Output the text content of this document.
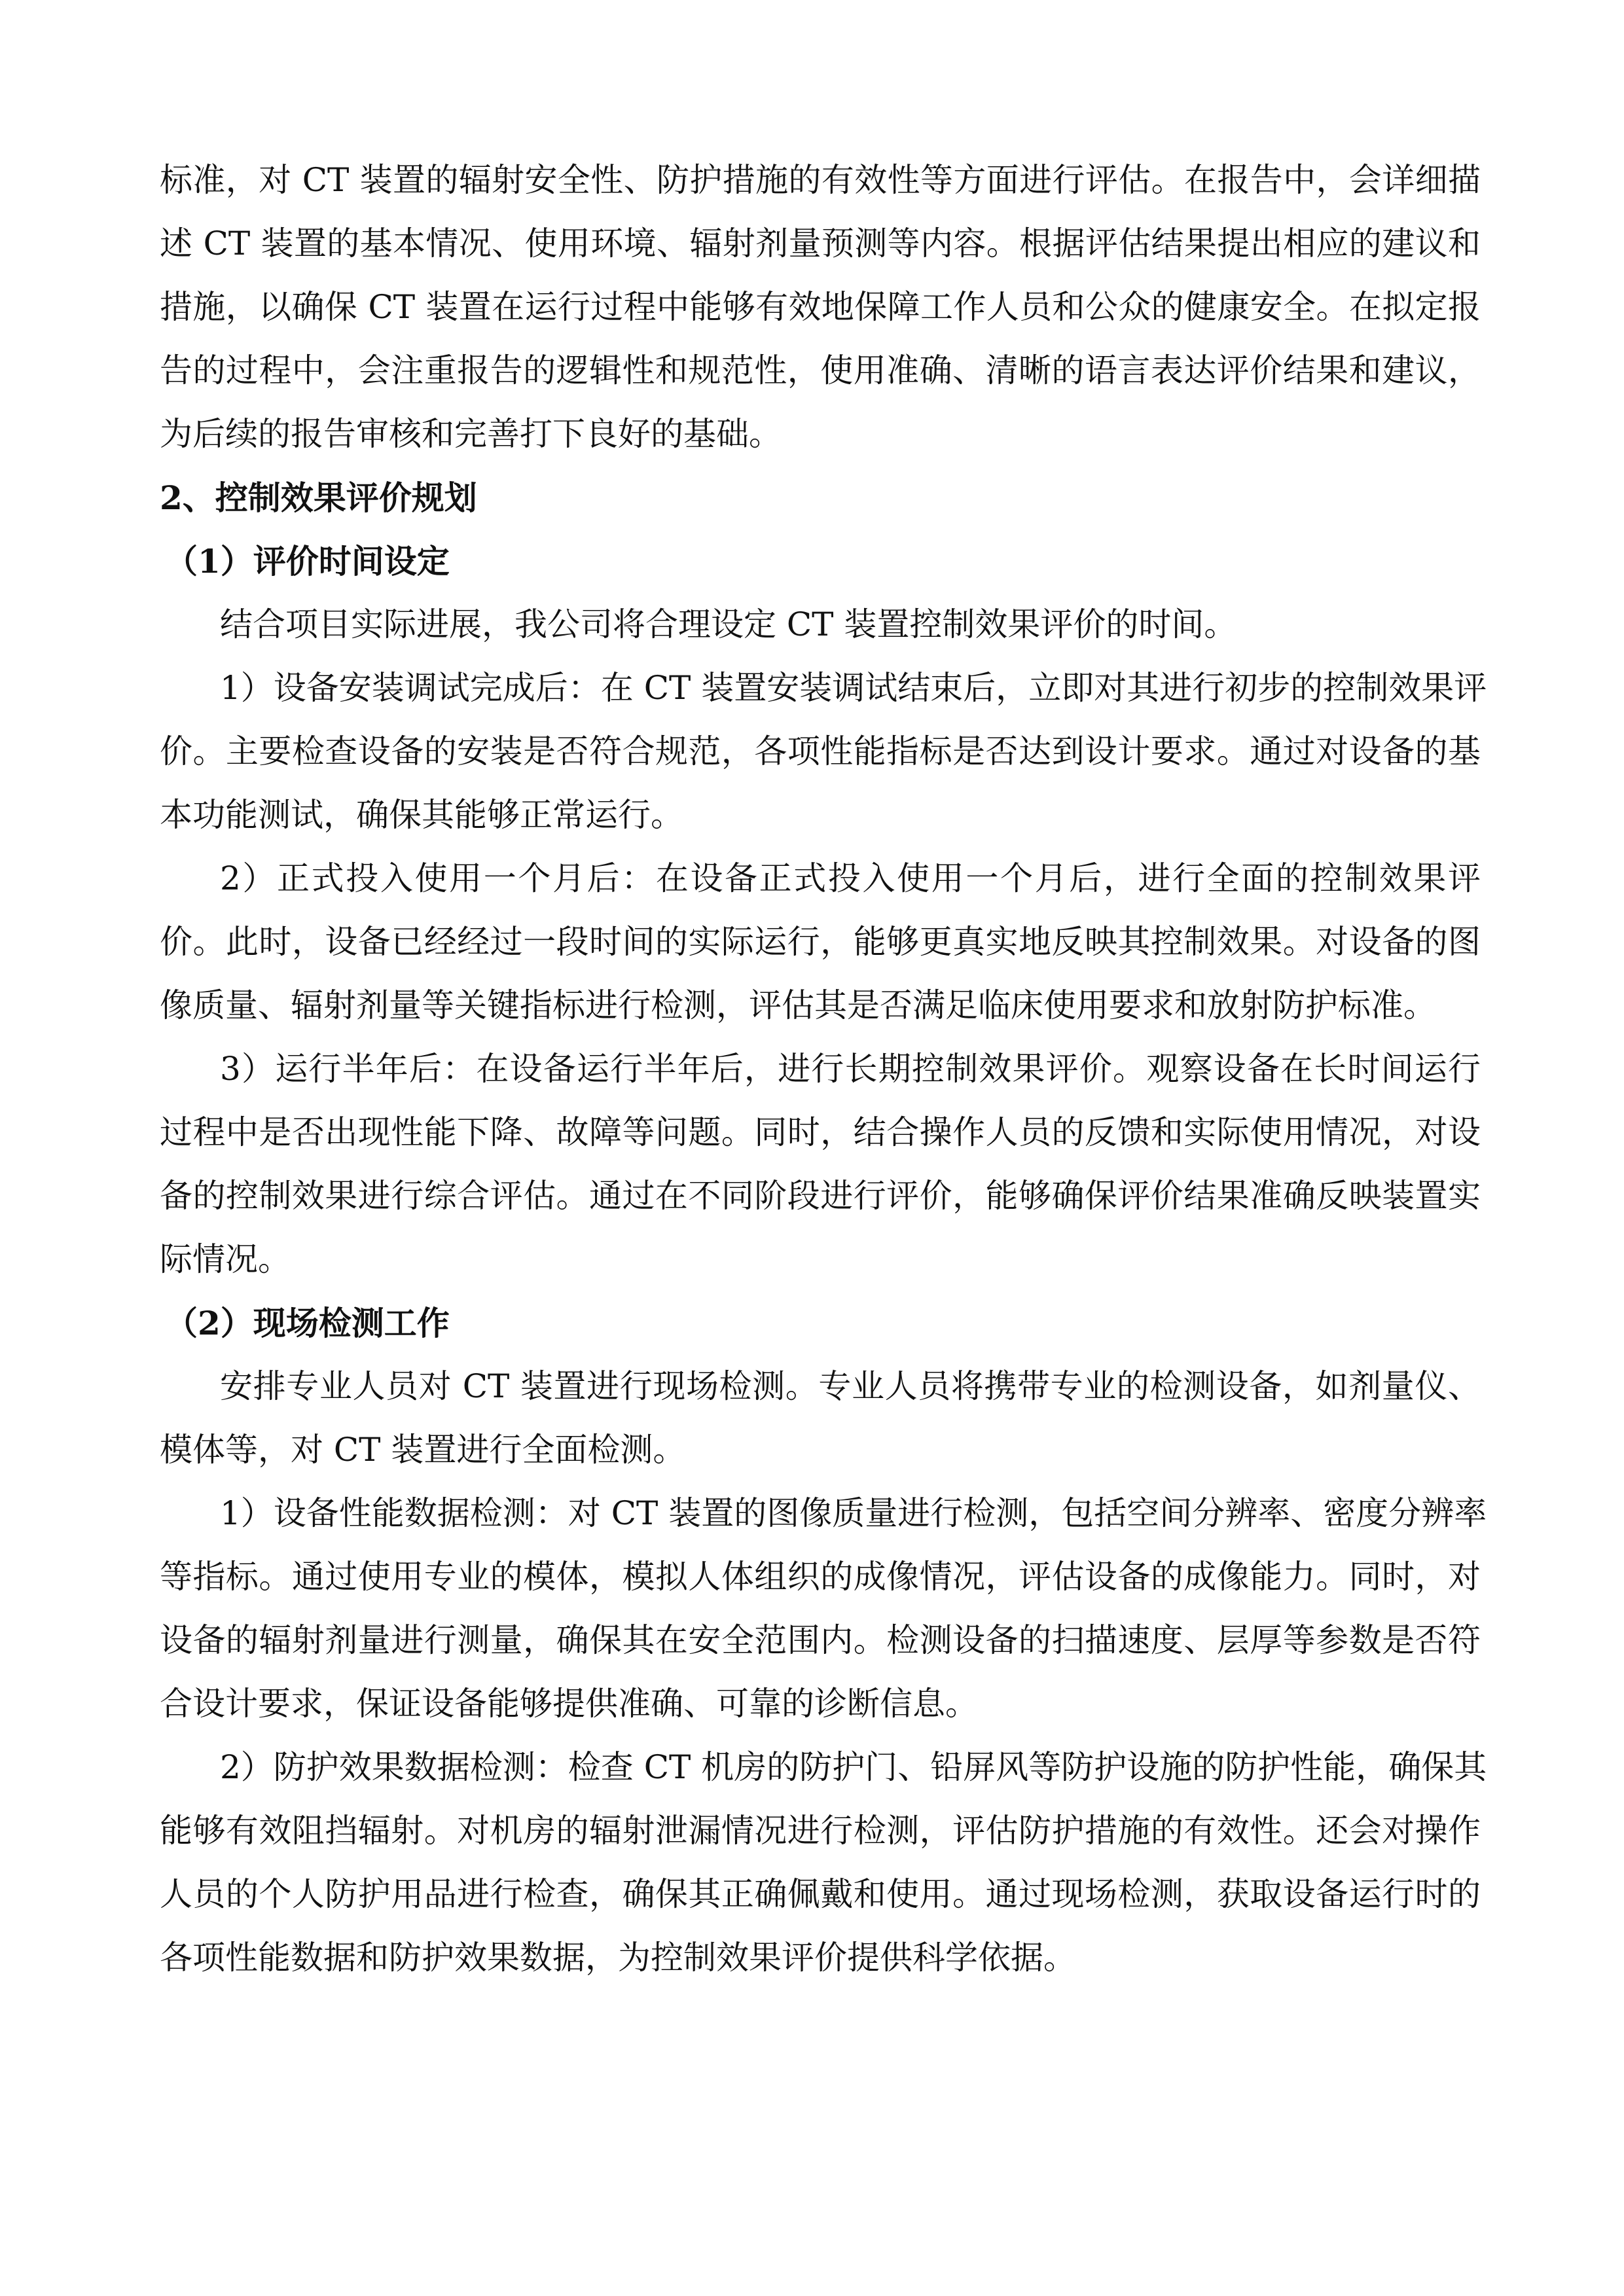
标准，对 CT 装置的辐射安全性、防护措施的有效性等方面进行评估。在报告中，会详细描
述 CT 装置的基本情况、使用环境、辐射剂量预测等内容。根据评估结果提出相应的建议和
措施，以确保 CT 装置在运行过程中能够有效地保障工作人员和公众的健康安全。在拟定报
告的过程中，会注重报告的逻辑性和规范性，使用准确、清晰的语言表达评价结果和建议，
为后续的报告审核和完善打下良好的基础。
2、控制效果评价规划
（1）评价时间设定
结合项目实际进展，我公司将合理设定 CT 装置控制效果评价的时间。
1）设备安装调试完成后：在 CT 装置安装调试结束后，立即对其进行初步的控制效果评
价。主要检查设备的安装是否符合规范，各项性能指标是否达到设计要求。通过对设备的基
本功能测试，确保其能够正常运行。
2）正式投入使用一个月后：在设备正式投入使用一个月后，进行全面的控制效果评
价。此时，设备已经经过一段时间的实际运行，能够更真实地反映其控制效果。对设备的图
像质量、辐射剂量等关键指标进行检测，评估其是否满足临床使用要求和放射防护标准。
3）运行半年后：在设备运行半年后，进行长期控制效果评价。观察设备在长时间运行
过程中是否出现性能下降、故障等问题。同时，结合操作人员的反馈和实际使用情况，对设
备的控制效果进行综合评估。通过在不同阶段进行评价，能够确保评价结果准确反映装置实
际情况。
（2）现场检测工作
安排专业人员对 CT 装置进行现场检测。专业人员将携带专业的检测设备，如剂量仪、
模体等，对 CT 装置进行全面检测。
1）设备性能数据检测：对 CT 装置的图像质量进行检测，包括空间分辨率、密度分辨率
等指标。通过使用专业的模体，模拟人体组织的成像情况，评估设备的成像能力。同时，对
设备的辐射剂量进行测量，确保其在安全范围内。检测设备的扫描速度、层厚等参数是否符
合设计要求，保证设备能够提供准确、可靠的诊断信息。
2）防护效果数据检测：检查 CT 机房的防护门、铅屏风等防护设施的防护性能，确保其
能够有效阻挡辐射。对机房的辐射泄漏情况进行检测，评估防护措施的有效性。还会对操作
人员的个人防护用品进行检查，确保其正确佩戴和使用。通过现场检测，获取设备运行时的
各项性能数据和防护效果数据，为控制效果评价提供科学依据。
